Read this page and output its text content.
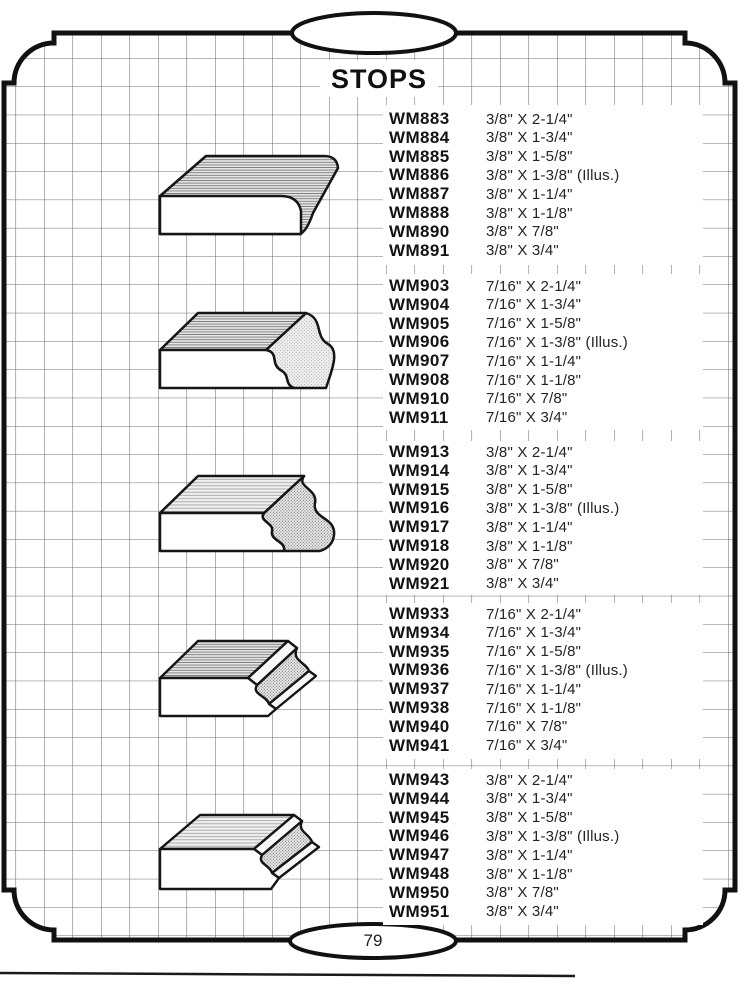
STOPS
WM883	3/8" X 2-1/4"
WM884	3/8" X 1-3/4"
WM885	3/8" X 1-5/8"
WM886	3/8" X 1-3/8" (Illus.)
WM887	3/8" X 1-1/4"
WM888	3/8" X 1-1/8"
WM890	3/8" X 7/8"
WM891	3/8" X 3/4"
WM903	7/16" X 2-1/4"
WM904	7/16" X 1-3/4"
WM905	7/16" X 1-5/8"
WM906	7/16" X 1-3/8" (Illus.)
WM907	7/16" X 1-1/4"
WM908	7/16" X 1-1/8"
WM910	7/16" X 7/8"
WM911	7/16" X 3/4"
WM913	3/8" X 2-1/4"
WM914	3/8" X 1-3/4"
WM915	3/8" X 1-5/8"
WM916	3/8" X 1-3/8" (Illus.)
WM917	3/8" X 1-1/4"
WM918	3/8" X 1-1/8"
WM920	3/8" X 7/8"
WM921	3/8" X 3/4"
WM933	7/16" X 2-1/4"
WM934	7/16" X 1-3/4"
WM935	7/16" X 1-5/8"
WM936	7/16" X 1-3/8" (Illus.)
WM937	7/16" X 1-1/4"
WM938	7/16" X 1-1/8"
WM940	7/16" X 7/8"
WM941	7/16" X 3/4"
WM943	3/8" X 2-1/4"
WM944	3/8" X 1-3/4"
WM945	3/8" X 1-5/8"
WM946	3/8" X 1-3/8" (Illus.)
WM947	3/8" X 1-1/4"
WM948	3/8" X 1-1/8"
WM950	3/8" X 7/8"
WM951	3/8" X 3/4"
79
